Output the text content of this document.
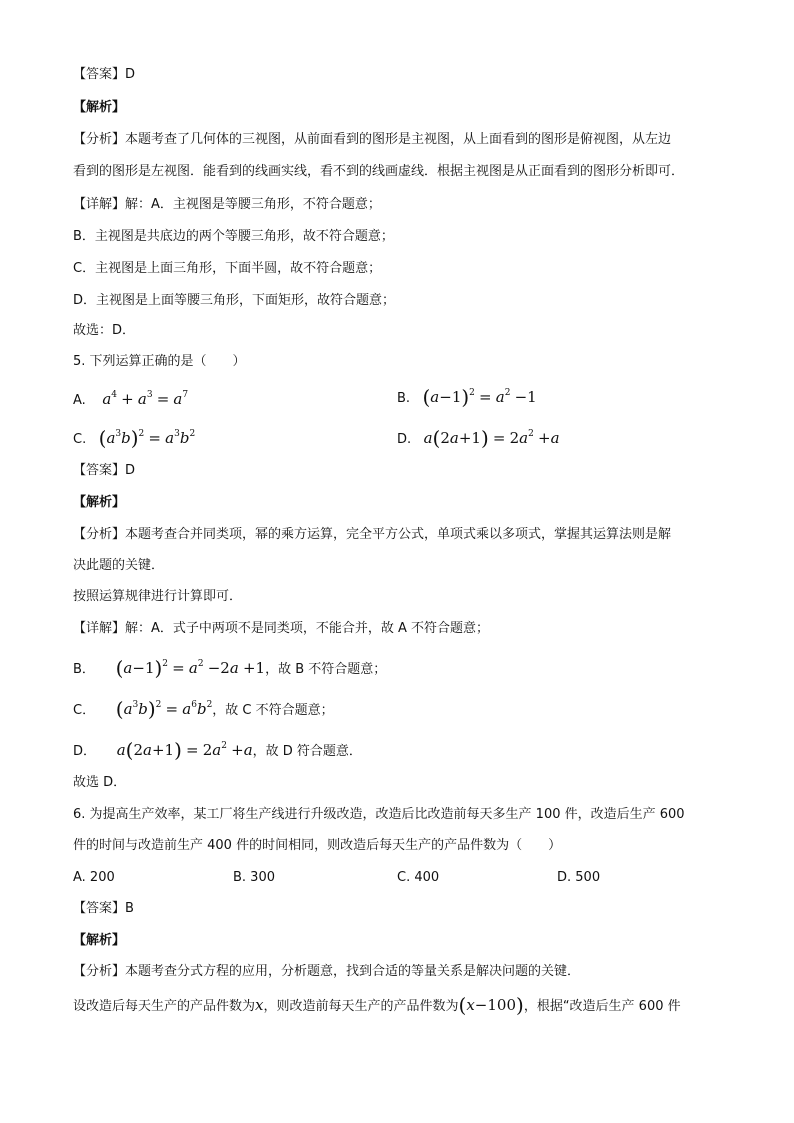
【答案】D
【解析】
【分析】本题考查了几何体的三视图，从前面看到的图形是主视图，从上面看到的图形是俯视图，从左边
看到的图形是左视图．能看到的线画实线，看不到的线画虚线．根据主视图是从正面看到的图形分析即可．
【详解】解：A．主视图是等腰三角形，不符合题意；
B．主视图是共底边的两个等腰三角形，故不符合题意；
C．主视图是上面三角形，下面半圆，故不符合题意；
D．主视图是上面等腰三角形，下面矩形，故符合题意；
故选：D．
5. 下列运算正确的是（　　）
A. $a^4 + a^3 = a^7$	B. $(a-1)^2 = a^2 -1$
C. $(a^3b)^2 = a^3b^2$	D. $a(2a+1) = 2a^2 +a$
【答案】D
【解析】
【分析】本题考查合并同类项，幂的乘方运算，完全平方公式，单项式乘以多项式，掌握其运算法则是解
决此题的关键．
按照运算规律进行计算即可．
【详解】解：A．式子中两项不是同类项，不能合并，故 A 不符合题意；
B． $(a-1)^2 = a^2 -2a +1$，故 B 不符合题意；
C． $(a^3b)^2 = a^6b^2$，故 C 不符合题意；
D． $a(2a+1) = 2a^2 +a$，故 D 符合题意．
故选 D．
6. 为提高生产效率，某工厂将生产线进行升级改造，改造后比改造前每天多生产 100 件，改造后生产 600
件的时间与改造前生产 400 件的时间相同，则改造后每天生产的产品件数为（　　）
A. 200	B. 300	C. 400	D. 500
【答案】B
【解析】
【分析】本题考查分式方程的应用，分析题意，找到合适的等量关系是解决问题的关键．
设改造后每天生产的产品件数为x，则改造前每天生产的产品件数为(x−100)，根据“改造后生产 600 件
